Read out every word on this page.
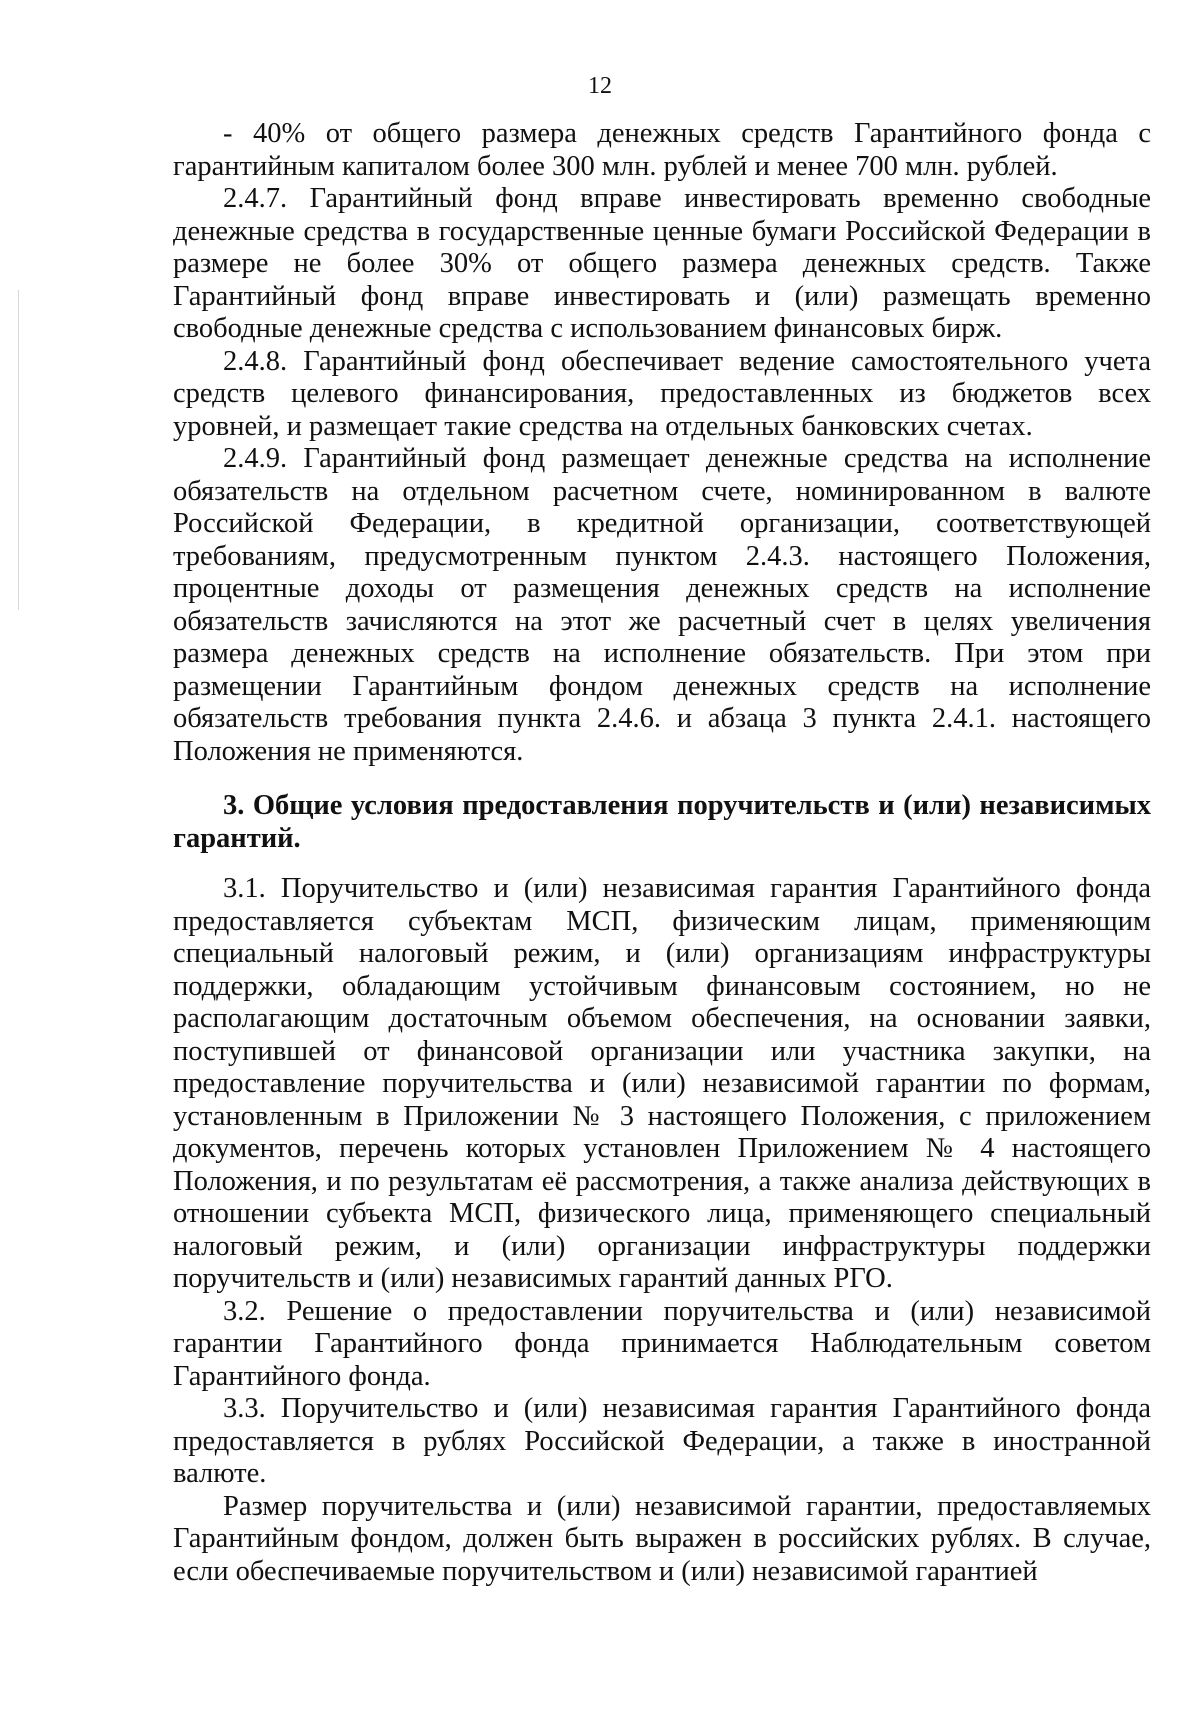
12

- 40% от общего размера денежных средств Гарантийного фонда с гарантийным капиталом более 300 млн. рублей и менее 700 млн. рублей.

2.4.7. Гарантийный фонд вправе инвестировать временно свободные денежные средства в государственные ценные бумаги Российской Федерации в размере не более 30% от общего размера денежных средств. Также Гарантийный фонд вправе инвестировать и (или) размещать временно свободные денежные средства с использованием финансовых бирж.

2.4.8. Гарантийный фонд обеспечивает ведение самостоятельного учета средств целевого финансирования, предоставленных из бюджетов всех уровней, и размещает такие средства на отдельных банковских счетах.

2.4.9. Гарантийный фонд размещает денежные средства на исполнение обязательств на отдельном расчетном счете, номинированном в валюте Российской Федерации, в кредитной организации, соответствующей требованиям, предусмотренным пунктом 2.4.3. настоящего Положения, процентные доходы от размещения денежных средств на исполнение обязательств зачисляются на этот же расчетный счет в целях увеличения размера денежных средств на исполнение обязательств. При этом при размещении Гарантийным фондом денежных средств на исполнение обязательств требования пункта 2.4.6. и абзаца 3 пункта 2.4.1. настоящего Положения не применяются.

3. Общие условия предоставления поручительств и (или) независимых гарантий.

3.1. Поручительство и (или) независимая гарантия Гарантийного фонда предоставляется субъектам МСП, физическим лицам, применяющим специальный налоговый режим, и (или) организациям инфраструктуры поддержки, обладающим устойчивым финансовым состоянием, но не располагающим достаточным объемом обеспечения, на основании заявки, поступившей от финансовой организации или участника закупки, на предоставление поручительства и (или) независимой гарантии по формам, установленным в Приложении № 3 настоящего Положения, с приложением документов, перечень которых установлен Приложением № 4 настоящего Положения, и по результатам её рассмотрения, а также анализа действующих в отношении субъекта МСП, физического лица, применяющего специальный налоговый режим, и (или) организации инфраструктуры поддержки поручительств и (или) независимых гарантий данных РГО.

3.2. Решение о предоставлении поручительства и (или) независимой гарантии Гарантийного фонда принимается Наблюдательным советом Гарантийного фонда.

3.3. Поручительство и (или) независимая гарантия Гарантийного фонда предоставляется в рублях Российской Федерации, а также в иностранной валюте.

Размер поручительства и (или) независимой гарантии, предоставляемых Гарантийным фондом, должен быть выражен в российских рублях. В случае, если обеспечиваемые поручительством и (или) независимой гарантией
